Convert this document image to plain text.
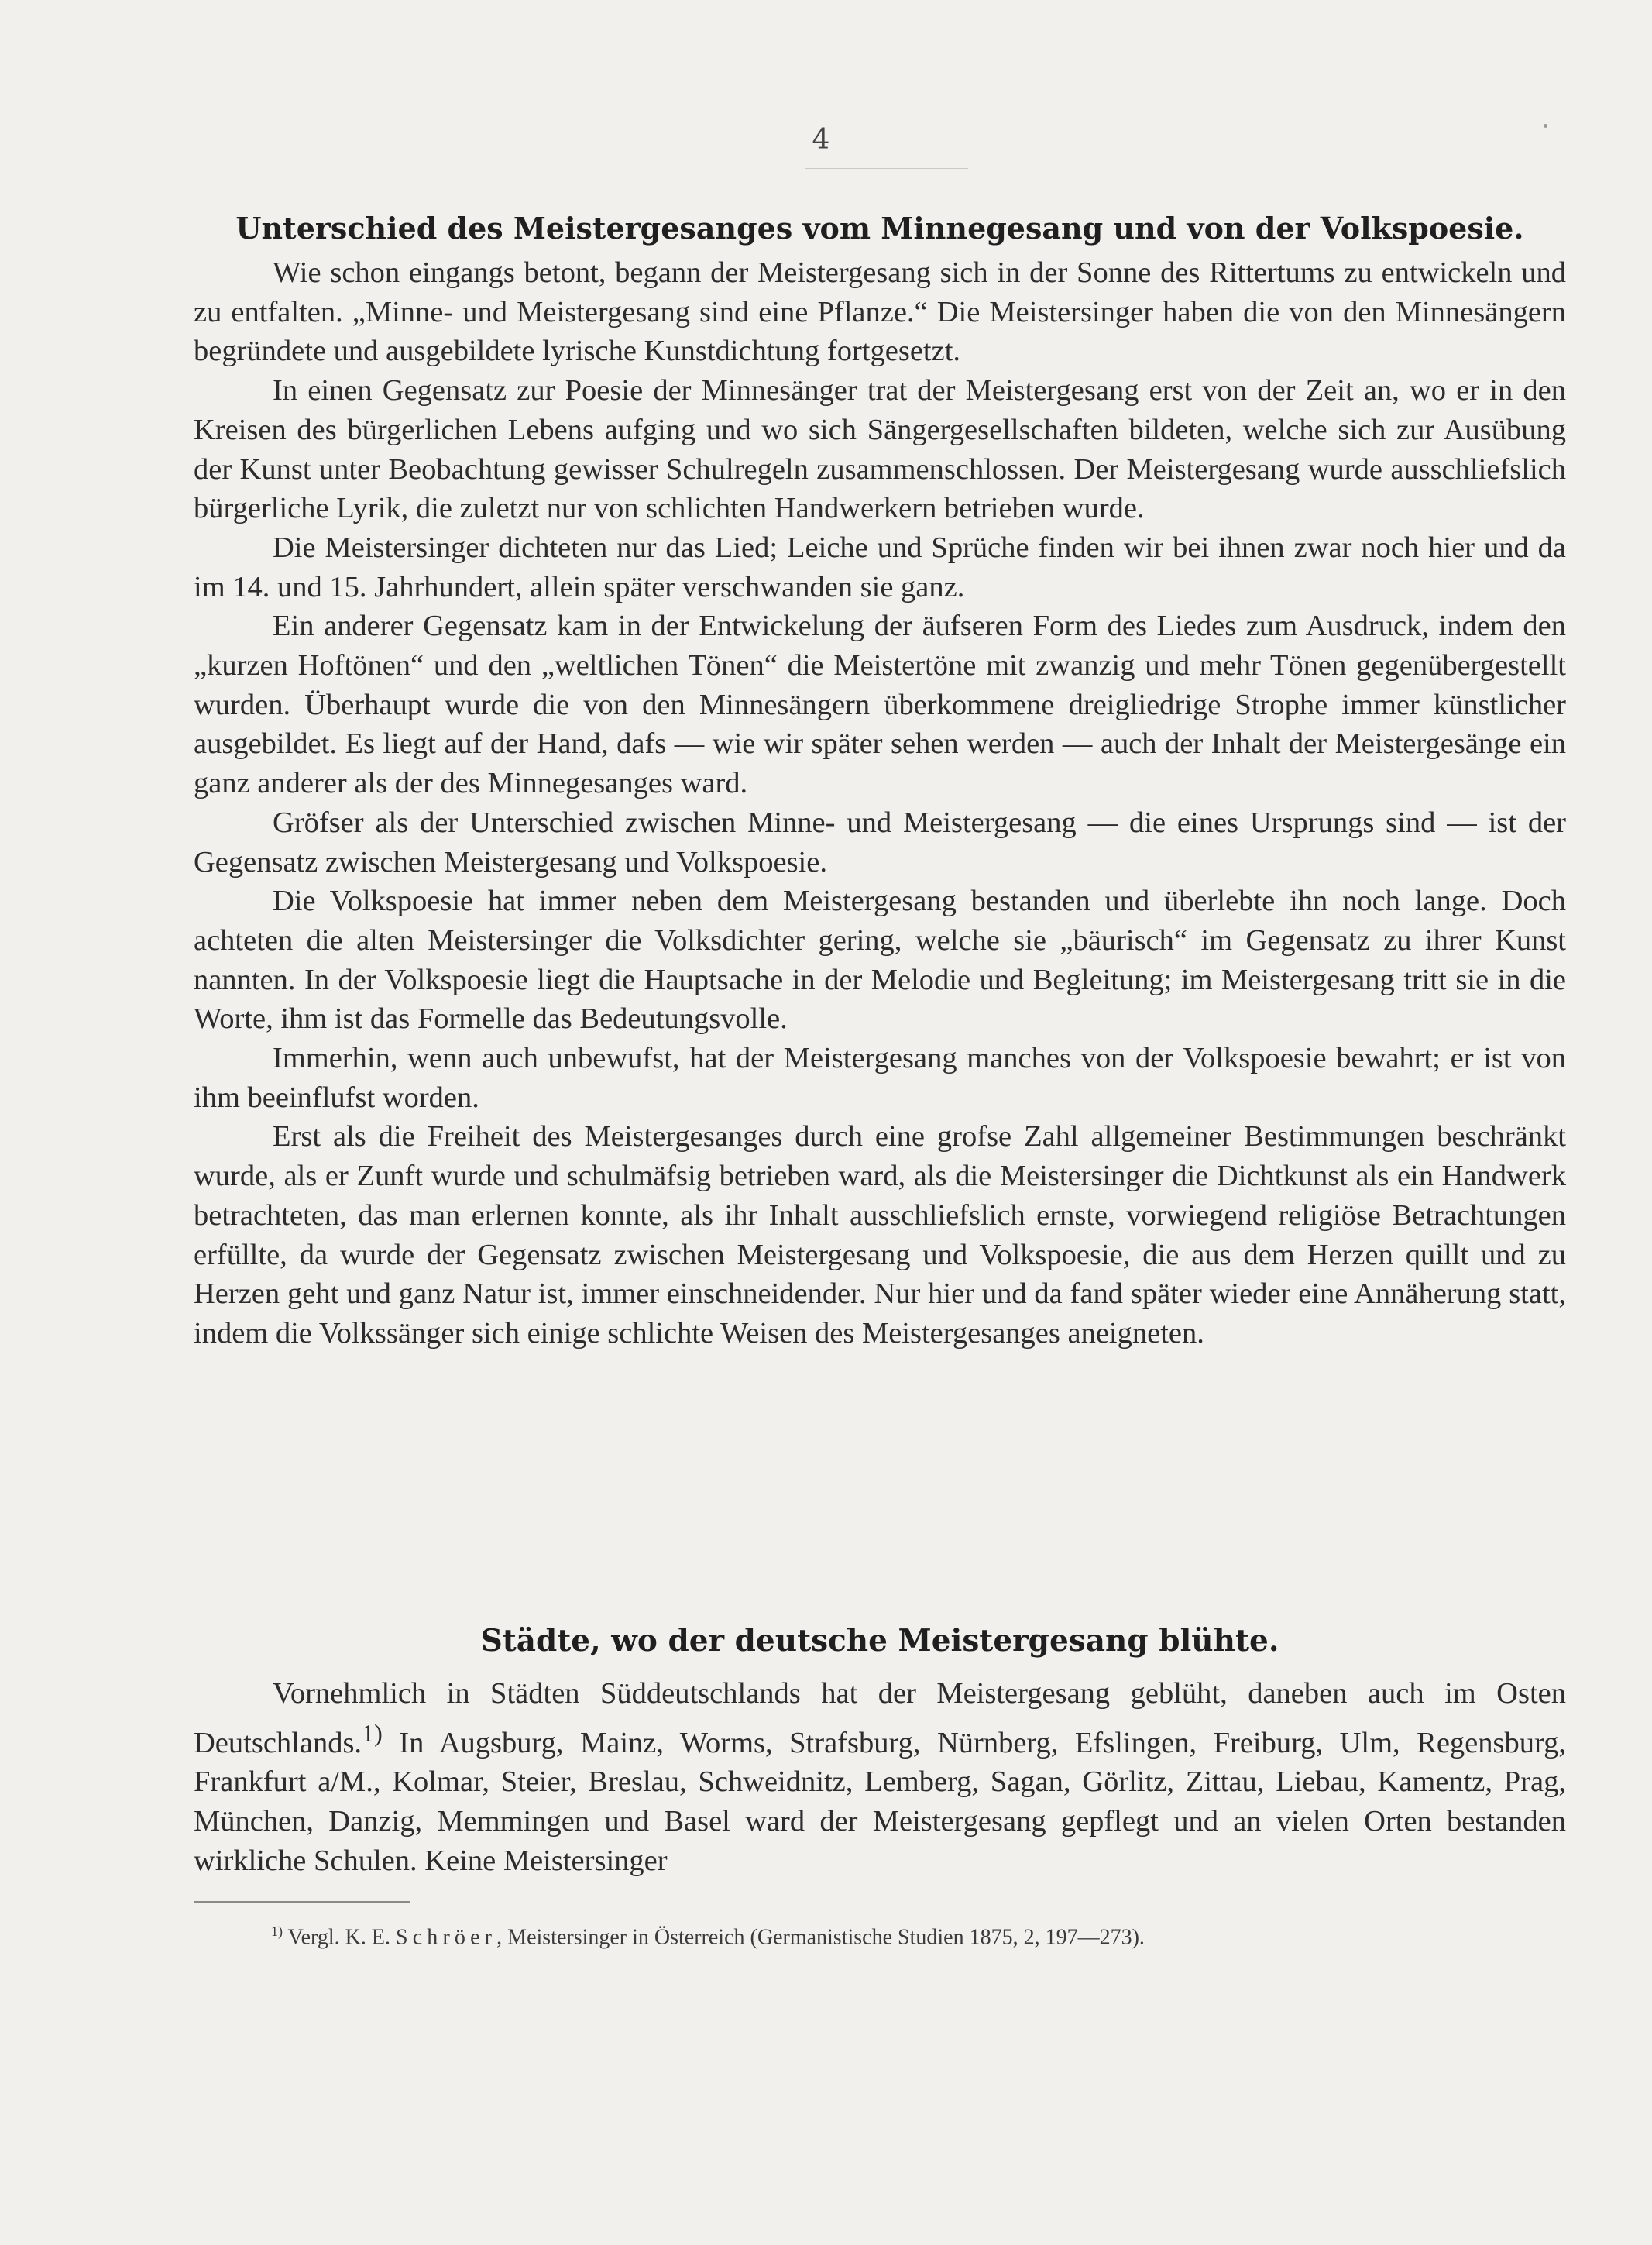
4
Unterschied des Meistergesanges vom Minnegesang und von der Volkspoesie.

Wie schon eingangs betont, begann der Meistergesang sich in der Sonne des Rittertums zu entwickeln und zu entfalten. „Minne- und Meistergesang sind eine Pflanze.“ Die Meistersinger haben die von den Minnesängern begründete und ausgebildete lyrische Kunstdichtung fortgesetzt.

In einen Gegensatz zur Poesie der Minnesänger trat der Meistergesang erst von der Zeit an, wo er in den Kreisen des bürgerlichen Lebens aufging und wo sich Sängergesellschaften bildeten, welche sich zur Ausübung der Kunst unter Beobachtung gewisser Schulregeln zusammenschlossen. Der Meistergesang wurde ausschliefslich bürgerliche Lyrik, die zuletzt nur von schlichten Handwerkern betrieben wurde.

Die Meistersinger dichteten nur das Lied; Leiche und Sprüche finden wir bei ihnen zwar noch hier und da im 14. und 15. Jahrhundert, allein später verschwanden sie ganz.

Ein anderer Gegensatz kam in der Entwickelung der äufseren Form des Liedes zum Ausdruck, indem den „kurzen Hoftönen“ und den „weltlichen Tönen“ die Meistertöne mit zwanzig und mehr Tönen gegenübergestellt wurden. Überhaupt wurde die von den Minnesängern überkommene dreigliedrige Strophe immer künstlicher ausgebildet. Es liegt auf der Hand, dafs — wie wir später sehen werden — auch der Inhalt der Meistergesänge ein ganz anderer als der des Minnegesanges ward.

Gröfser als der Unterschied zwischen Minne- und Meistergesang — die eines Ursprungs sind — ist der Gegensatz zwischen Meistergesang und Volkspoesie.

Die Volkspoesie hat immer neben dem Meistergesang bestanden und überlebte ihn noch lange. Doch achteten die alten Meistersinger die Volksdichter gering, welche sie „bäurisch“ im Gegensatz zu ihrer Kunst nannten. In der Volkspoesie liegt die Hauptsache in der Melodie und Begleitung; im Meistergesang tritt sie in die Worte, ihm ist das Formelle das Bedeutungsvolle.

Immerhin, wenn auch unbewufst, hat der Meistergesang manches von der Volkspoesie bewahrt; er ist von ihm beeinflufst worden.

Erst als die Freiheit des Meistergesanges durch eine grofse Zahl allgemeiner Bestimmungen beschränkt wurde, als er Zunft wurde und schulmäfsig betrieben ward, als die Meistersinger die Dichtkunst als ein Handwerk betrachteten, das man erlernen konnte, als ihr Inhalt ausschliefslich ernste, vorwiegend religiöse Betrachtungen erfüllte, da wurde der Gegensatz zwischen Meistergesang und Volkspoesie, die aus dem Herzen quillt und zu Herzen geht und ganz Natur ist, immer einschneidender. Nur hier und da fand später wieder eine Annäherung statt, indem die Volkssänger sich einige schlichte Weisen des Meistergesanges aneigneten.

Städte, wo der deutsche Meistergesang blühte.

Vornehmlich in Städten Süddeutschlands hat der Meistergesang geblüht, daneben auch im Osten Deutschlands.$^{1)}$ In Augsburg, Mainz, Worms, Strafsburg, Nürnberg, Efslingen, Freiburg, Ulm, Regensburg, Frankfurt a/M., Kolmar, Steier, Breslau, Schweidnitz, Lemberg, Sagan, Görlitz, Zittau, Liebau, Kamentz, Prag, München, Danzig, Memmingen und Basel ward der Meistergesang gepflegt und an vielen Orten bestanden wirkliche Schulen. Keine Meistersinger

$^{1)}$ Vergl. K. E. Schröer, Meistersinger in Österreich (Germanistische Studien 1875, 2, 197—273).
